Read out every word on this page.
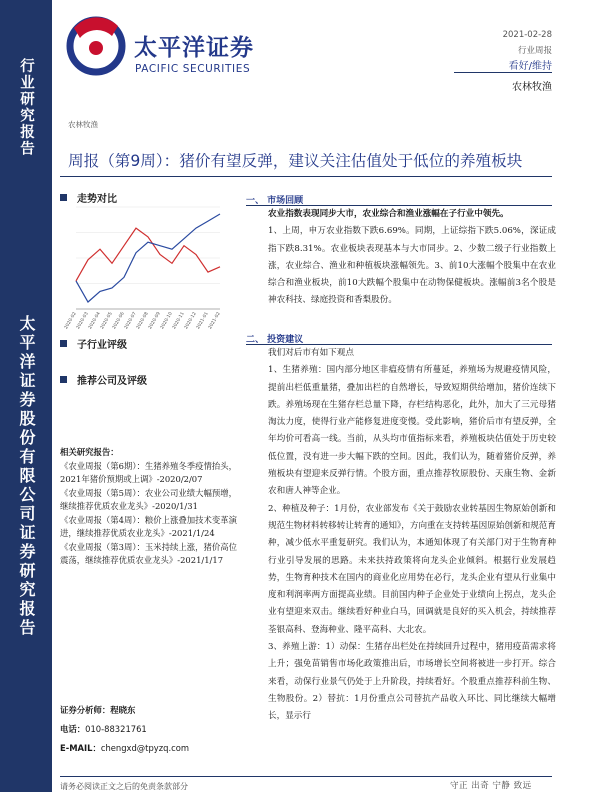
行业研究报告
太平洋证券股份有限公司证券研究报告
太平洋证券
PACIFIC SECURITIES
2021-02-28
行业周报
看好/维持
农林牧渔
农林牧渔
周报（第9周）：猪价有望反弹，建议关注估值处于低位的养殖板块
走势对比
2020-02
2020-03
2020-04
2020-05
2020-06
2020-07
2020-08
2020-09
2020-10
2020-11
2020-12
2021-01
2021-02
子行业评级
推荐公司及评级
相关研究报告：
《农业周报（第6期）：生猪养殖冬季疫情抬头，2021年猪价预期或上调》-2020/2/07
《农业周报（第5周）：农业公司业绩大幅预增，继续推荐优质农业龙头》-2020/1/31
《农业周报（第4周）：粮价上涨叠加技术变革演进，继续推荐优质农业龙头》-2021/1/24
《农业周报（第3周）：玉米持续上涨，猪价高位震荡，继续推荐优质农业龙头》-2021/1/17
证券分析师：程晓东
电话：010-88321761
E-MAIL：chengxd@tpyzq.com
一、 市场回顾

农业指数表现同步大市，农业综合和渔业涨幅在子行业中领先。

1、上周，申万农业指数下跌6.69%。同期，上证综指下跌5.06%，深证成指下跌8.31%。农业板块表现基本与大市同步。2、少数二级子行业指数上涨，农业综合、渔业和种植板块涨幅领先。3、前10大涨幅个股集中在农业综合和渔业板块，前10大跌幅个股集中在动物保健板块。涨幅前3名个股是神农科技、绿庭投资和香梨股份。

二、 投资建议

我们对后市有如下观点

1、生猪养殖：国内部分地区非瘟疫情有所蔓延，养殖场为规避疫情风险，提前出栏低重量猪，叠加出栏的自然增长，导致短期供给增加，猪价连续下跌。养殖场现在生猪存栏总量下降，存栏结构恶化，此外，加大了三元母猪淘汰力度，使得行业产能修复进度变慢。受此影响，猪价后市有望反弹，全年均价可看高一线。当前，从头均市值指标来看，养殖板块估值处于历史较低位置，没有进一步大幅下跌的空间。因此，我们认为，随着猪价反弹，养殖板块有望迎来反弹行情。个股方面，重点推荐牧原股份、天康生物、金新农和唐人神等企业。

2、种植及种子：1月份，农业部发布《关于鼓励农业转基因生物原始创新和规范生物材料转移转让转育的通知》，方向重在支持转基因原始创新和规范育种，减少低水平重复研究。我们认为，本通知体现了有关部门对于生物育种行业引导发展的思路。未来扶持政策将向龙头企业倾斜。根据行业发展趋势，生物育种技术在国内的商业化应用势在必行，龙头企业有望从行业集中度和利润率两方面提高业绩。目前国内种子企业处于业绩向上拐点，龙头企业有望迎来双击。继续看好种业白马，回调就是良好的买入机会，持续推荐荃银高科、登海种业、隆平高科、大北农。

3、养殖上游：1）动保：生猪存出栏处在持续回升过程中，猪用疫苗需求将上升；强免苗销售市场化政策推出后，市场增长空间将被进一步打开。综合来看，动保行业景气仍处于上升阶段，持续看好。个股重点推荐科前生物、生物股份。2）替抗：1月份重点公司替抗产品收入环比、同比继续大幅增长，显示行

请务必阅读正文之后的免责条款部分	守正 出奇 宁静 致远
